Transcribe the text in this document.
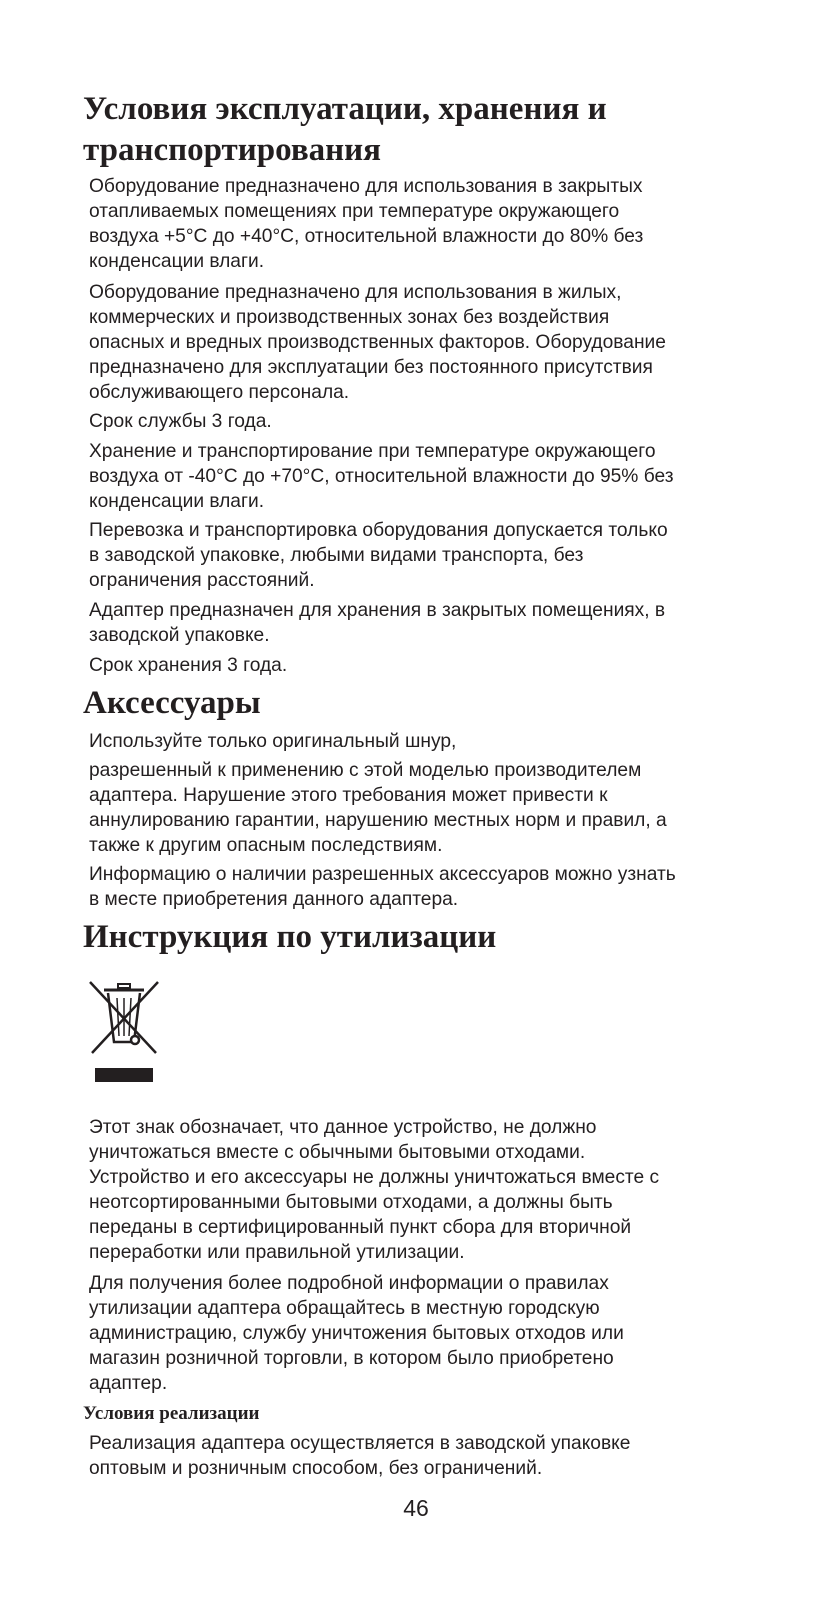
Условия эксплуатации, хранения и
транспортирования
Оборудование предназначено для использования в закрытых
отапливаемых помещениях при температуре окружающего
воздуха +5°C до +40°C, относительной влажности до 80% без
конденсации влаги.
Оборудование предназначено для использования в жилых,
коммерческих и производственных зонах без воздействия
опасных и вредных производственных факторов. Оборудование
предназначено для эксплуатации без постоянного присутствия
обслуживающего персонала.
Срок службы 3 года.
Хранение и транспортирование при температуре окружающего
воздуха от -40°C до +70°C, относительной влажности до 95% без
конденсации влаги.
Перевозка и транспортировка оборудования допускается только
в заводской упаковке, любыми видами транспорта, без
ограничения расстояний.
Адаптер предназначен для хранения в закрытых помещениях, в
заводской упаковке.
Срок хранения 3 года.
Аксессуары
Используйте только оригинальный шнур,
разрешенный к применению с этой моделью производителем
адаптера. Нарушение этого требования может привести к
аннулированию гарантии, нарушению местных норм и правил, а
также к другим опасным последствиям.
Информацию о наличии разрешенных аксессуаров можно узнать
в месте приобретения данного адаптера.
Инструкция по утилизации
Этот знак обозначает, что данное устройство, не должно
уничтожаться вместе с обычными бытовыми отходами.
Устройство и его аксессуары не должны уничтожаться вместе с
неотсортированными бытовыми отходами, а должны быть
переданы в сертифицированный пункт сбора для вторичной
переработки или правильной утилизации.
Для получения более подробной информации о правилах
утилизации адаптера обращайтесь в местную городскую
администрацию, службу уничтожения бытовых отходов или
магазин розничной торговли, в котором было приобретено
адаптер.
Условия реализации
Реализация адаптера осуществляется в заводской упаковке
оптовым и розничным способом, без ограничений.
46
